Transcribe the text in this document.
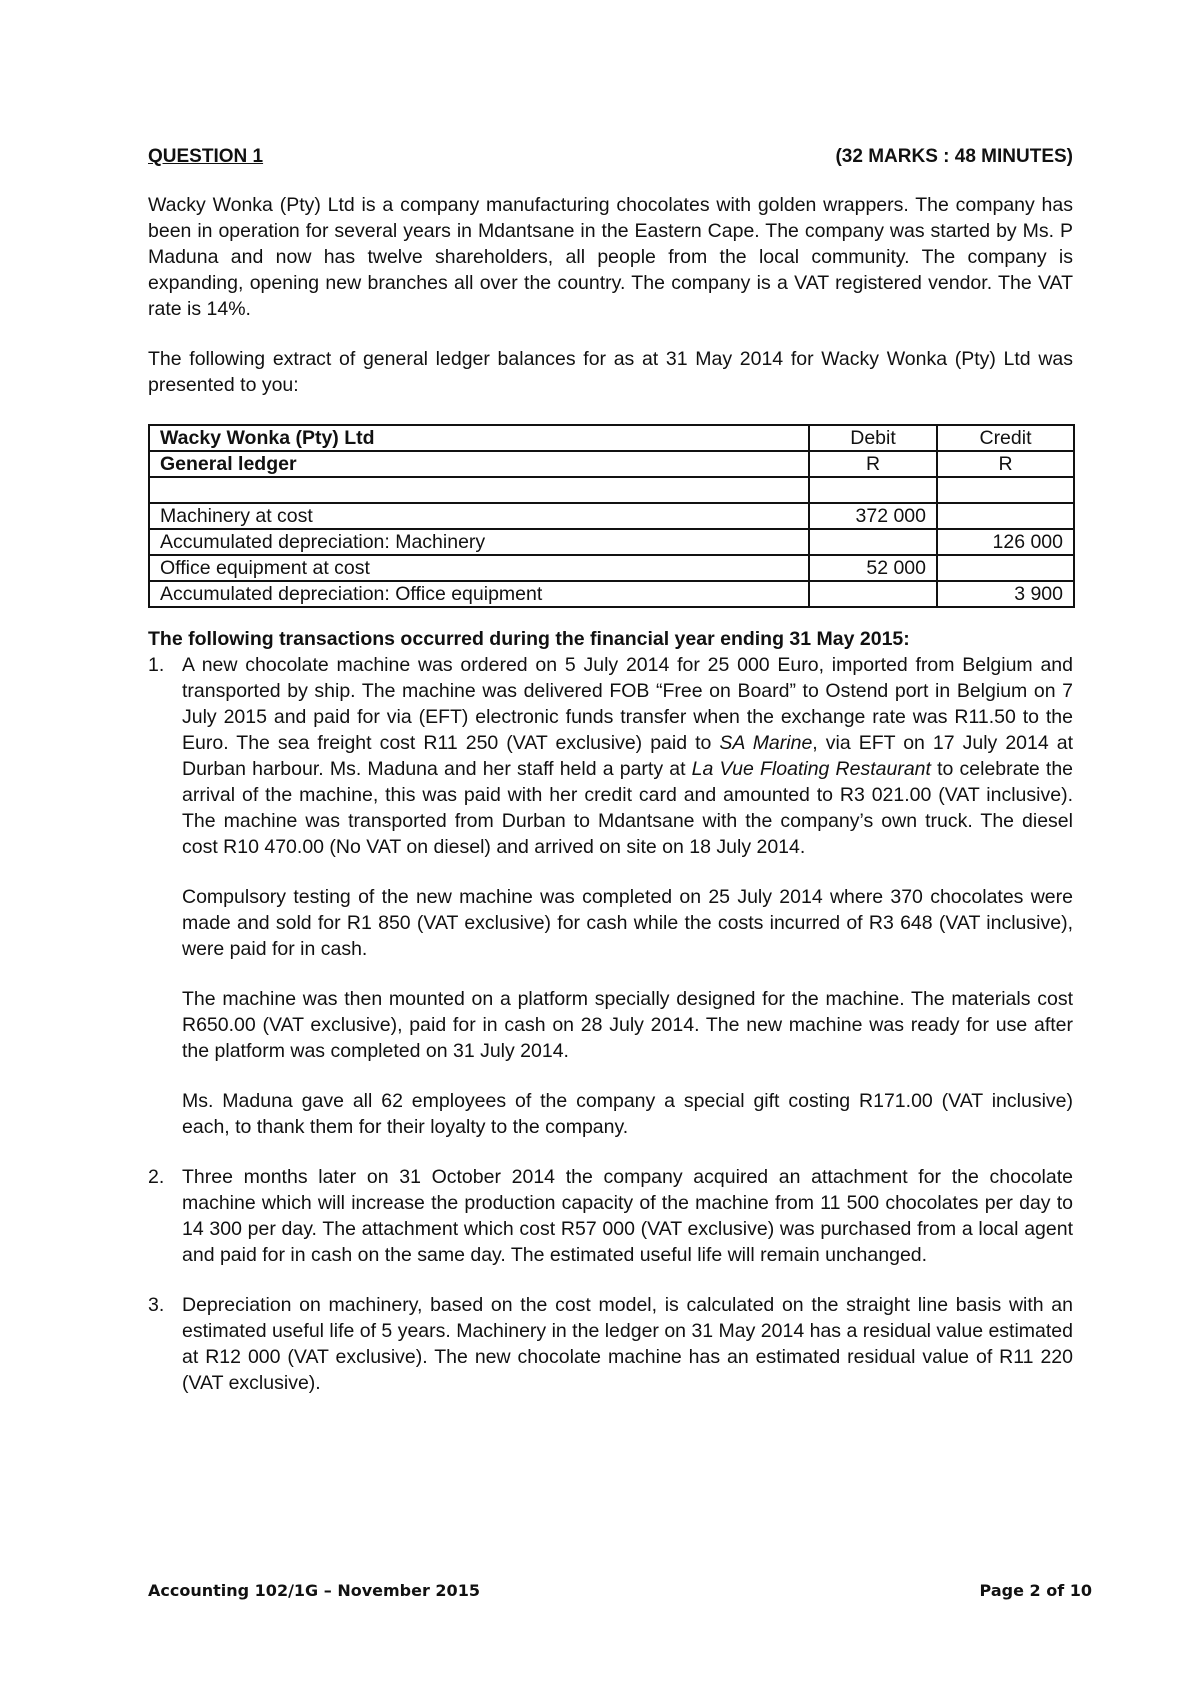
QUESTION 1	(32 MARKS : 48 MINUTES)

Wacky Wonka (Pty) Ltd is a company manufacturing chocolates with golden wrappers. The company has been in operation for several years in Mdantsane in the Eastern Cape. The company was started by Ms. P Maduna and now has twelve shareholders, all people from the local community. The company is expanding, opening new branches all over the country. The company is a VAT registered vendor. The VAT rate is 14%.

The following extract of general ledger balances for as at 31 May 2014 for Wacky Wonka (Pty) Ltd was presented to you:

Wacky Wonka (Pty) Ltd	Debit	Credit
General ledger	R	R

Machinery at cost	372 000	
Accumulated depreciation: Machinery		126 000
Office equipment at cost	52 000	
Accumulated depreciation: Office equipment		3 900
The following transactions occurred during the financial year ending 31 May 2015:
1. A new chocolate machine was ordered on 5 July 2014 for 25 000 Euro, imported from Belgium and transported by ship. The machine was delivered FOB “Free on Board” to Ostend port in Belgium on 7 July 2015 and paid for via (EFT) electronic funds transfer when the exchange rate was R11.50 to the Euro. The sea freight cost R11 250 (VAT exclusive) paid to SA Marine, via EFT on 17 July 2014 at Durban harbour. Ms. Maduna and her staff held a party at La Vue Floating Restaurant to celebrate the arrival of the machine, this was paid with her credit card and amounted to R3 021.00 (VAT inclusive). The machine was transported from Durban to Mdantsane with the company’s own truck. The diesel cost R10 470.00 (No VAT on diesel) and arrived on site on 18 July 2014.

Compulsory testing of the new machine was completed on 25 July 2014 where 370 chocolates were made and sold for R1 850 (VAT exclusive) for cash while the costs incurred of R3 648 (VAT inclusive), were paid for in cash.

The machine was then mounted on a platform specially designed for the machine. The materials cost R650.00 (VAT exclusive), paid for in cash on 28 July 2014. The new machine was ready for use after the platform was completed on 31 July 2014.

Ms. Maduna gave all 62 employees of the company a special gift costing R171.00 (VAT inclusive) each, to thank them for their loyalty to the company.

2. Three months later on 31 October 2014 the company acquired an attachment for the chocolate machine which will increase the production capacity of the machine from 11 500 chocolates per day to 14 300 per day. The attachment which cost R57 000 (VAT exclusive) was purchased from a local agent and paid for in cash on the same day. The estimated useful life will remain unchanged.

3. Depreciation on machinery, based on the cost model, is calculated on the straight line basis with an estimated useful life of 5 years. Machinery in the ledger on 31 May 2014 has a residual value estimated at R12 000 (VAT exclusive). The new chocolate machine has an estimated residual value of R11 220 (VAT exclusive).

Accounting 102/1G – November 2015	Page 2 of 10
